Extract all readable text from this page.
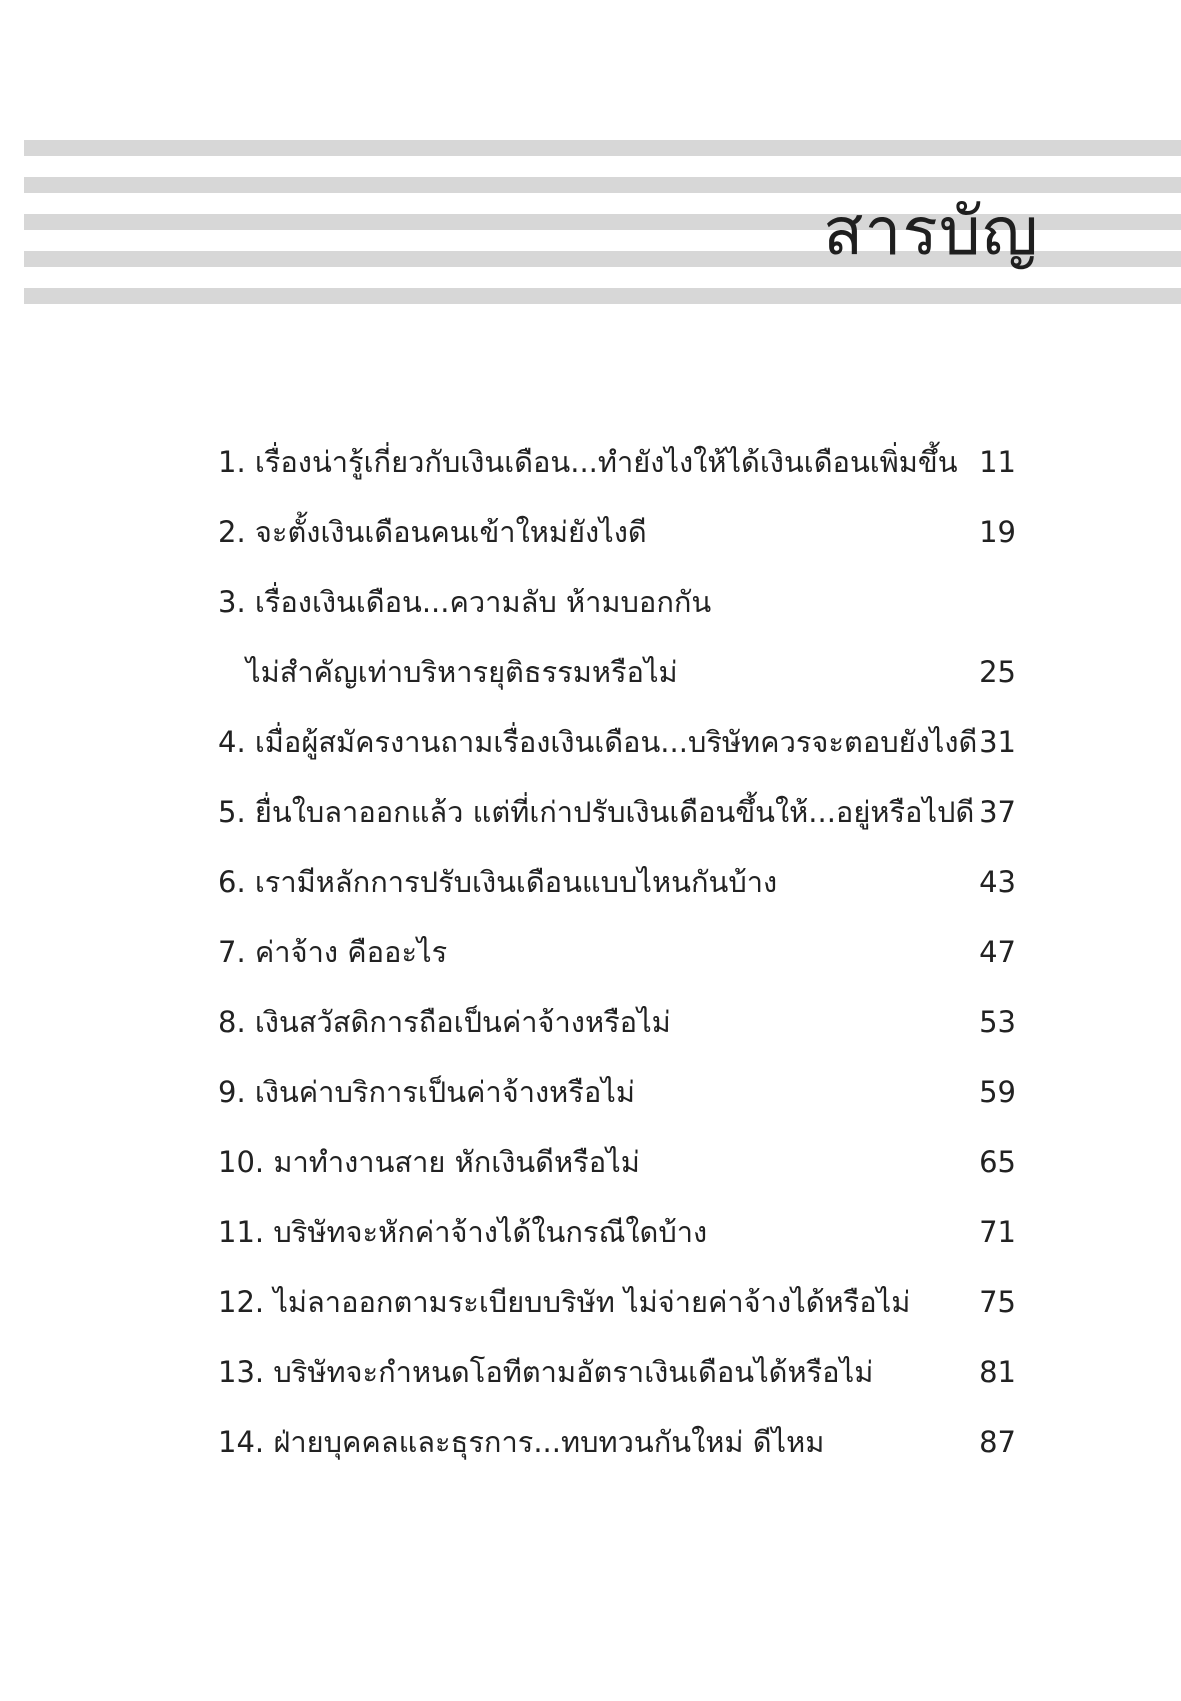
สารบัญ
1. เรื่องน่ารู้เกี่ยวกับเงินเดือน...ทำยังไงให้ได้เงินเดือนเพิ่มขึ้น 11
2. จะตั้งเงินเดือนคนเข้าใหม่ยังไงดี	19
3. เรื่องเงินเดือน...ความลับ ห้ามบอกกัน
ไม่สำคัญเท่าบริหารยุติธรรมหรือไม่	25
4. เมื่อผู้สมัครงานถามเรื่องเงินเดือน...บริษัทควรจะตอบยังไงดี 31
5. ยื่นใบลาออกแล้ว แต่ที่เก่าปรับเงินเดือนขึ้นให้...อยู่หรือไปดี 37
6. เรามีหลักการปรับเงินเดือนแบบไหนกันบ้าง	43
7. ค่าจ้าง คืออะไร	47
8. เงินสวัสดิการถือเป็นค่าจ้างหรือไม่	53
9. เงินค่าบริการเป็นค่าจ้างหรือไม่	59
10. มาทำงานสาย หักเงินดีหรือไม่	65
11. บริษัทจะหักค่าจ้างได้ในกรณีใดบ้าง	71
12. ไม่ลาออกตามระเบียบบริษัท ไม่จ่ายค่าจ้างได้หรือไม่ 75
13. บริษัทจะกำหนดโอทีตามอัตราเงินเดือนได้หรือไม่	81
14. ฝ่ายบุคคลและธุรการ...ทบทวนกันใหม่ ดีไหม	87
